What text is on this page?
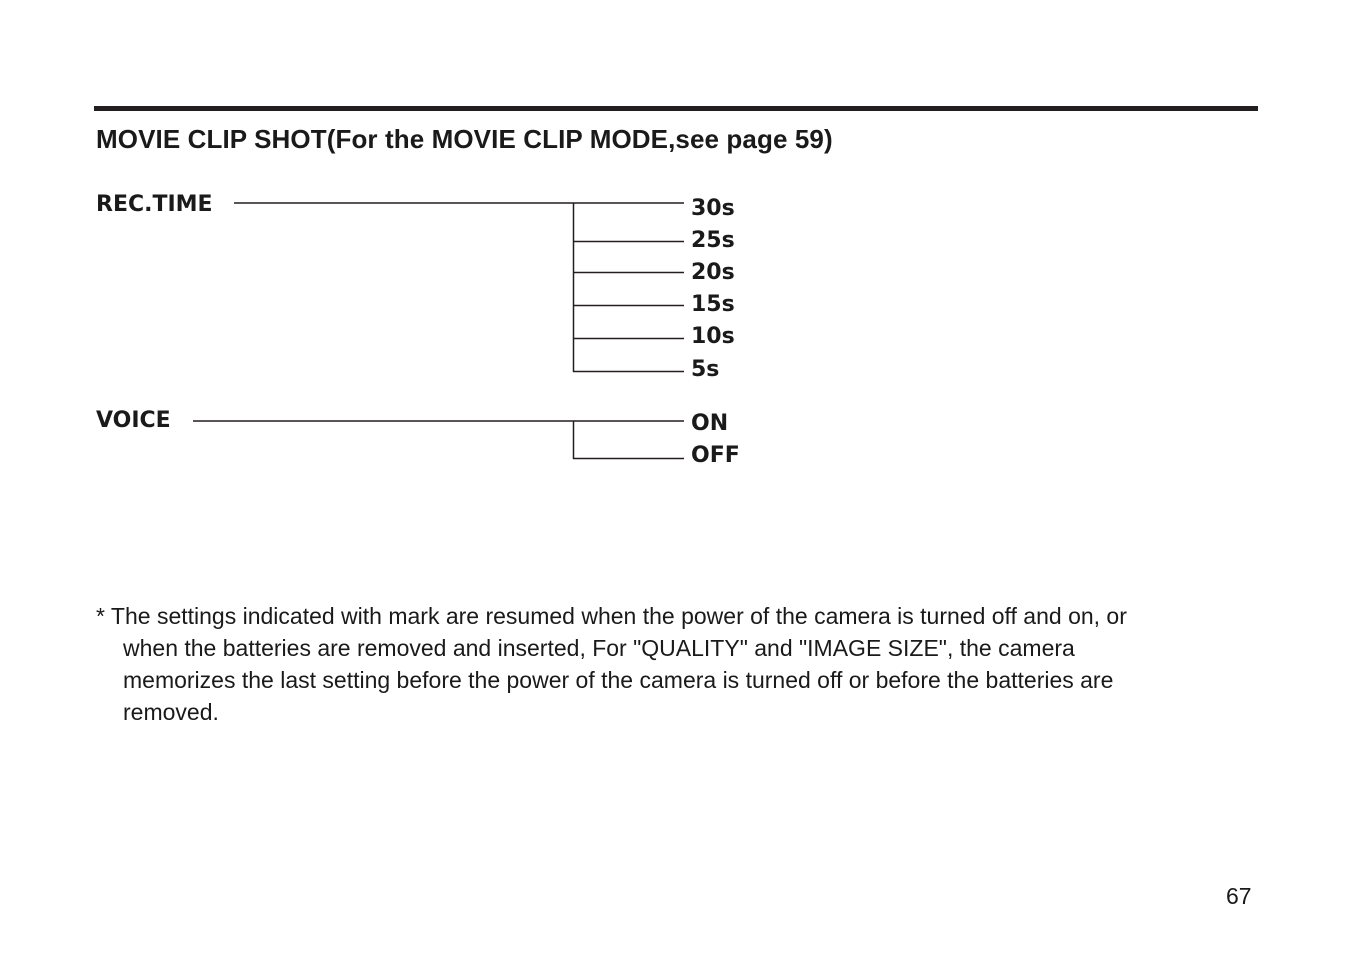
MOVIE CLIP SHOT(For the MOVIE CLIP MODE,see page 59)
REC.TIME	30s
25s
20s
15s
10s
5s
VOICE	ON
OFF
* The settings indicated with mark are resumed when the power of the camera is turned off and on, or
when the batteries are removed and inserted, For "QUALITY" and "IMAGE SIZE", the camera
memorizes the last setting before the power of the camera is turned off or before the batteries are
removed.
67
